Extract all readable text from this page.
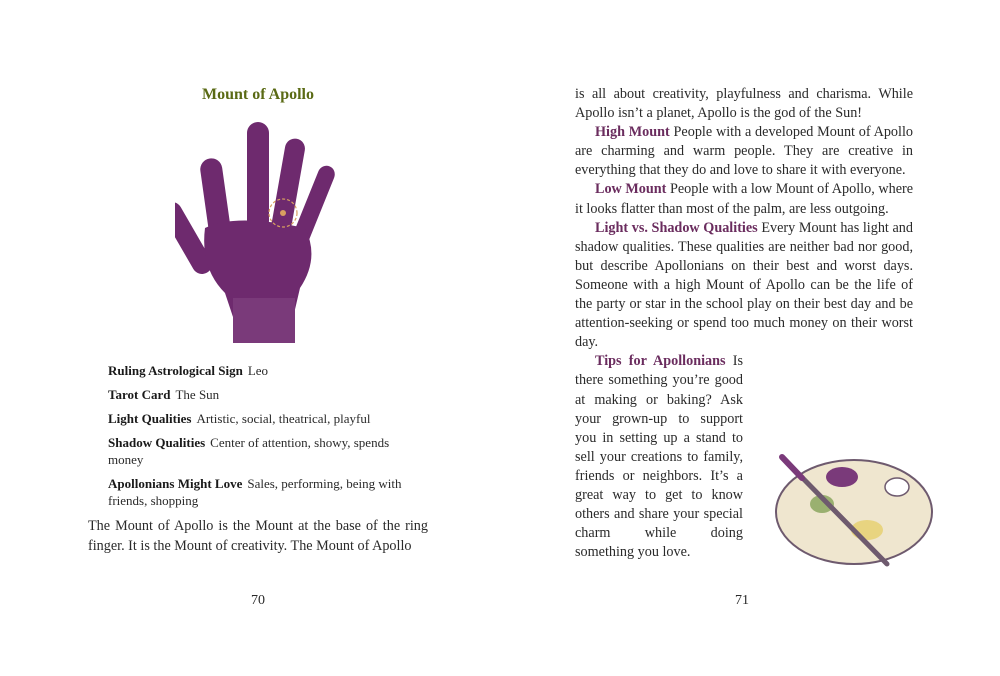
Mount of Apollo
Ruling Astrological Sign Leo
Tarot Card The Sun
Light Qualities Artistic, social, theatrical, playful
Shadow Qualities Center of attention, showy, spends money
Apollonians Might Love Sales, performing, being with friends, shopping
The Mount of Apollo is the Mount at the base of the ring finger. It is the Mount of creativity. The Mount of Apollo
70

is all about creativity, playfulness and charisma. While Apollo isn’t a planet, Apollo is the god of the Sun!

High Mount People with a developed Mount of Apollo are charming and warm people. They are creative in everything that they do and love to share it with everyone.

Low Mount People with a low Mount of Apollo, where it looks flatter than most of the palm, are less outgoing.

Light vs. Shadow Qualities Every Mount has light and shadow qualities. These qualities are neither bad nor good, but describe Apollonians on their best and worst days. Someone with a high Mount of Apollo can be the life of the party or star in the school play on their best day and be attention-seeking or spend too much money on their worst day.

Tips for Apollonians Is there something you’re good at making or baking? Ask your grown-up to support you in setting up a stand to sell your creations to family, friends or neighbors. It’s a great way to get to know others and share your special charm while doing something you love.

71
